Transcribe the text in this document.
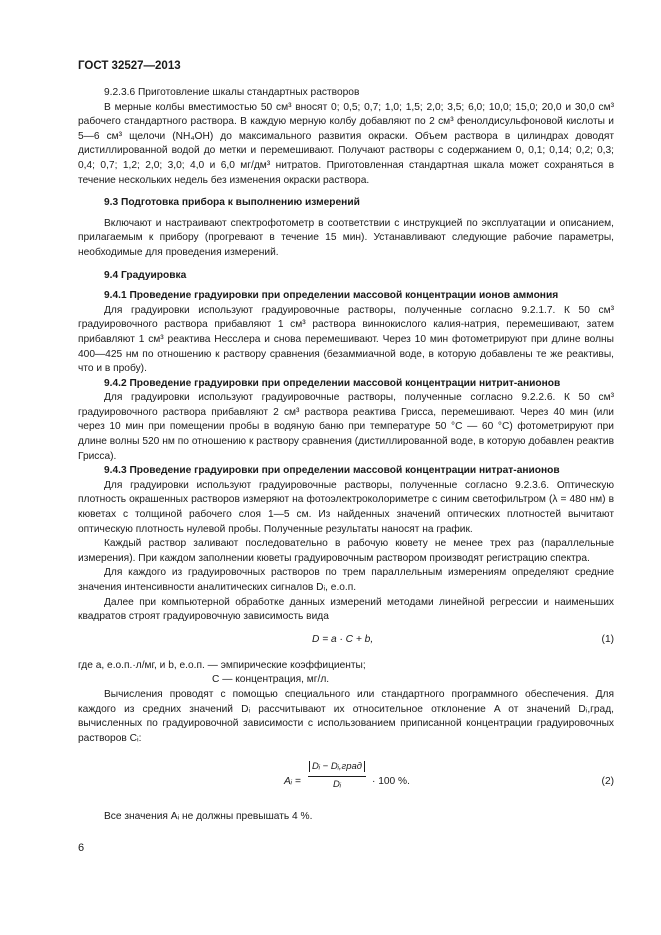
ГОСТ 32527—2013

9.2.3.6 Приготовление шкалы стандартных растворов

В мерные колбы вместимостью 50 см³ вносят 0; 0,5; 0,7; 1,0; 1,5; 2,0; 3,5; 6,0; 10,0; 15,0; 20,0 и 30,0 см³ рабочего стандартного раствора. В каждую мерную колбу добавляют по 2 см³ фенолдисульфоновой кислоты и 5—6 см³ щелочи (NH₄OH) до максимального развития окраски. Объем раствора в цилиндрах доводят дистиллированной водой до метки и перемешивают. Получают растворы с содержанием 0, 0,1; 0,14; 0,2; 0,3; 0,4; 0,7; 1,2; 2,0; 3,0; 4,0 и 6,0 мг/дм³ нитратов. Приготовленная стандартная шкала может сохраняться в течение нескольких недель без изменения окраски раствора.

9.3 Подготовка прибора к выполнению измерений

Включают и настраивают спектрофотометр в соответствии с инструкцией по эксплуатации и описанием, прилагаемым к прибору (прогревают в течение 15 мин). Устанавливают следующие рабочие параметры, необходимые для проведения измерений.

9.4 Градуировка

9.4.1 Проведение градуировки при определении массовой концентрации ионов аммония

Для градуировки используют градуировочные растворы, полученные согласно 9.2.1.7. К 50 см³ градуировочного раствора прибавляют 1 см³ раствора виннокислого калия-натрия, перемешивают, затем прибавляют 1 см³ реактива Несслера и снова перемешивают. Через 10 мин фотометрируют при длине волны 400—425 нм по отношению к раствору сравнения (безаммиачной воде, в которую добавлены те же реактивы, что и в пробу).

9.4.2 Проведение градуировки при определении массовой концентрации нитрит-анионов

Для градуировки используют градуировочные растворы, полученные согласно 9.2.2.6. К 50 см³ градуировочного раствора прибавляют 2 см³ раствора реактива Грисса, перемешивают. Через 40 мин (или через 10 мин при помещении пробы в водяную баню при температуре 50 °С — 60 °С) фотометрируют при длине волны 520 нм по отношению к раствору сравнения (дистиллированной воде, в которую добавлен реактив Грисса).

9.4.3 Проведение градуировки при определении массовой концентрации нитрат-анионов

Для градуировки используют градуировочные растворы, полученные согласно 9.2.3.6. Оптическую плотность окрашенных растворов измеряют на фотоэлектроколориметре с синим светофильтром (λ = 480 нм) в кюветах с толщиной рабочего слоя 1—5 см. Из найденных значений оптических плотностей вычитают оптическую плотность нулевой пробы. Полученные результаты наносят на график.

Каждый раствор заливают последовательно в рабочую кювету не менее трех раз (параллельные измерения). При каждом заполнении кюветы градуировочным раствором производят регистрацию спектра.

Для каждого из градуировочных растворов по трем параллельным измерениям определяют средние значения интенсивности аналитических сигналов Dᵢ, е.о.п.

Далее при компьютерной обработке данных измерений методами линейной регрессии и наименьших квадратов строят градуировочную зависимость вида

D = a · C + b,	(1)

где a, е.о.п.·л/мг, и b, е.о.п. — эмпирические коэффициенты;

C — концентрация, мг/л.

Вычисления проводят с помощью специального или стандартного программного обеспечения. Для каждого из средних значений Dᵢ рассчитывают их относительное отклонение A от значений Dᵢ,град, вычисленных по градуировочной зависимости с использованием приписанной концентрации градуировочных растворов Cᵢ:

Aᵢ =
Dᵢ − Dᵢ,град
Dᵢ	· 100 %.	(2)

Все значения Aᵢ не должны превышать 4 %.

6
